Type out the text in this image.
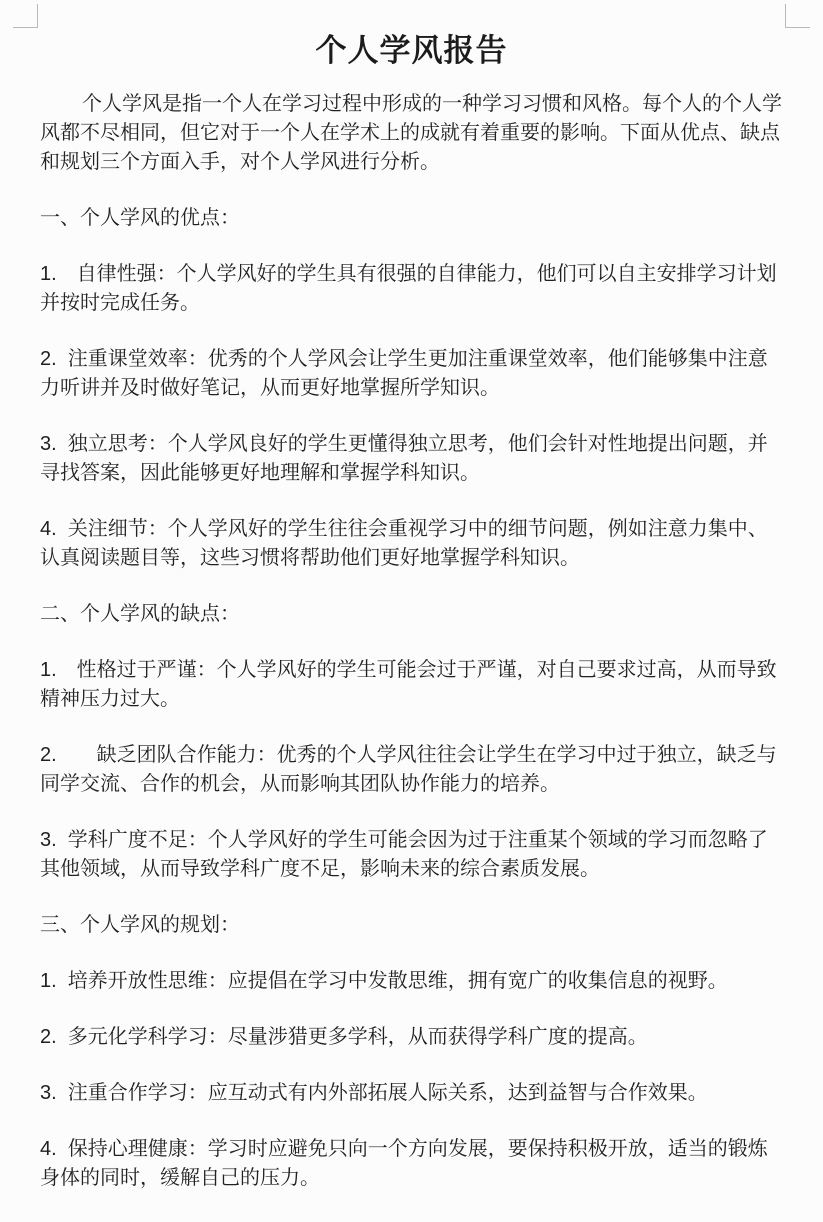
个人学风报告

个人学风是指一个人在学习过程中形成的一种学习习惯和风格。每个人的个人学风都不尽相同，但它对于一个人在学术上的成就有着重要的影响。下面从优点、缺点和规划三个方面入手，对个人学风进行分析。

一、个人学风的优点：

1.　自律性强：个人学风好的学生具有很强的自律能力，他们可以自主安排学习计划并按时完成任务。

2.  注重课堂效率：优秀的个人学风会让学生更加注重课堂效率，他们能够集中注意力听讲并及时做好笔记，从而更好地掌握所学知识。

3.  独立思考：个人学风良好的学生更懂得独立思考，他们会针对性地提出问题，并寻找答案，因此能够更好地理解和掌握学科知识。

4.  关注细节：个人学风好的学生往往会重视学习中的细节问题，例如注意力集中、认真阅读题目等，这些习惯将帮助他们更好地掌握学科知识。

二、个人学风的缺点：

1.　性格过于严谨：个人学风好的学生可能会过于严谨，对自己要求过高，从而导致精神压力过大。

2.　　缺乏团队合作能力：优秀的个人学风往往会让学生在学习中过于独立，缺乏与同学交流、合作的机会，从而影响其团队协作能力的培养。

3.  学科广度不足：个人学风好的学生可能会因为过于注重某个领域的学习而忽略了其他领域，从而导致学科广度不足，影响未来的综合素质发展。

三、个人学风的规划：

1.  培养开放性思维：应提倡在学习中发散思维，拥有宽广的收集信息的视野。

2.  多元化学科学习：尽量涉猎更多学科，从而获得学科广度的提高。

3.  注重合作学习：应互动式有内外部拓展人际关系，达到益智与合作效果。

4.  保持心理健康：学习时应避免只向一个方向发展，要保持积极开放，适当的锻炼身体的同时，缓解自己的压力。
